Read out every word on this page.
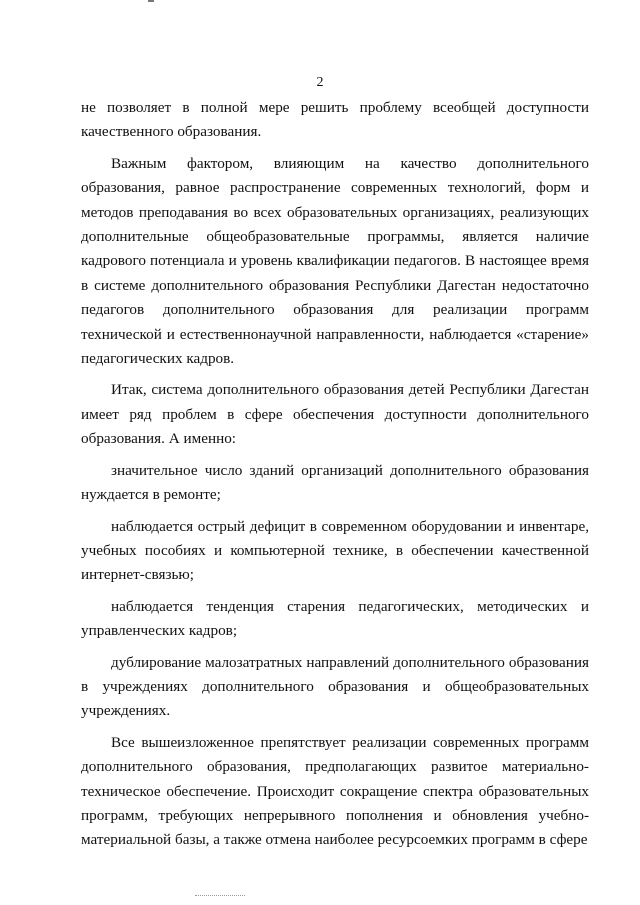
2

не позволяет в полной мере решить проблему всеобщей доступности качественного образования.

Важным фактором, влияющим на качество дополнительного образования, равное распространение современных технологий, форм и методов преподавания во всех образовательных организациях, реализующих дополнительные общеобразовательные программы, является наличие кадрового потенциала и уровень квалификации педагогов. В настоящее время в системе дополнительного образования Республики Дагестан недостаточно педагогов дополнительного образования для реализации программ технической и естественнонаучной направленности, наблюдается «старение» педагогических кадров.

Итак, система дополнительного образования детей Республики Дагестан имеет ряд проблем в сфере обеспечения доступности дополнительного образования. А именно:

значительное число зданий организаций дополнительного образования нуждается в ремонте;

наблюдается острый дефицит в современном оборудовании и инвентаре, учебных пособиях и компьютерной технике, в обеспечении качественной интернет-связью;

наблюдается тенденция старения педагогических, методических и управленческих кадров;

дублирование малозатратных направлений дополнительного образования в учреждениях дополнительного образования и общеобразовательных учреждениях.

Все вышеизложенное препятствует реализации современных программ дополнительного образования, предполагающих развитое материально-техническое обеспечение. Происходит сокращение спектра образовательных программ, требующих непрерывного пополнения и обновления учебно-материальной базы, а также отмена наиболее ресурсоемких программ в сфере
